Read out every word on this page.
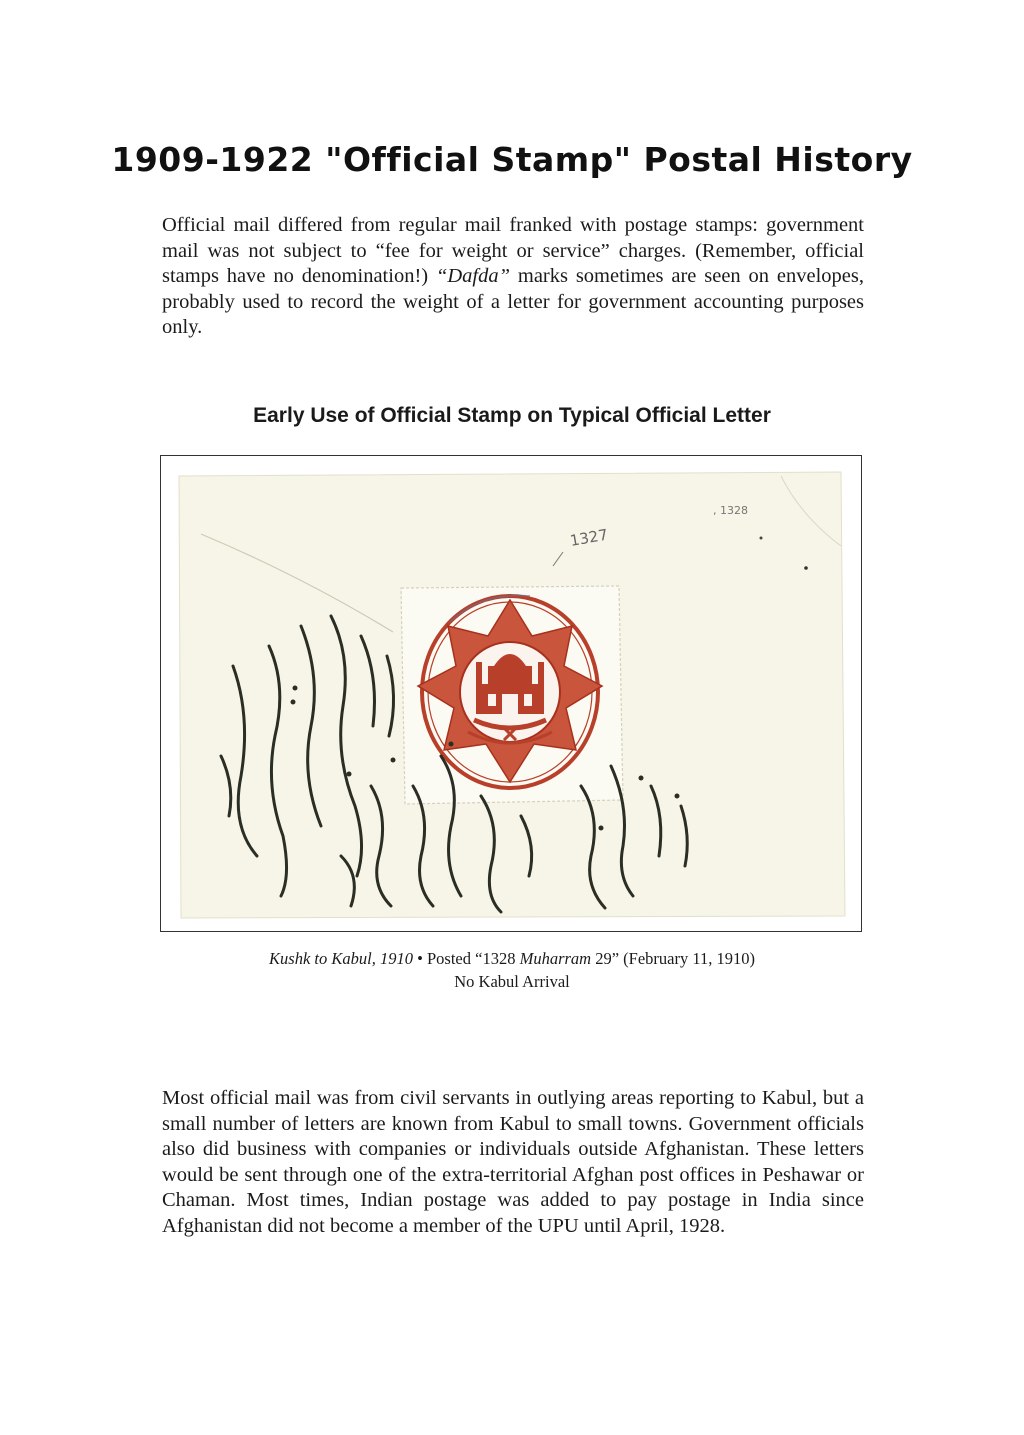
1909-1922 "Official Stamp" Postal History
Official mail differed from regular mail franked with postage stamps: government mail was not subject to “fee for weight or service” charges. (Remember, official stamps have no denomination!) “Dafda” marks sometimes are seen on envelopes, probably used to record the weight of a letter for government accounting purposes only.
Early Use of Official Stamp on Typical Official Letter
1327
, 1328
Kushk to Kabul, 1910 • Posted “1328 Muharram 29” (February 11, 1910)
No Kabul Arrival
Most official mail was from civil servants in outlying areas reporting to Kabul, but a small number of letters are known from Kabul to small towns. Government officials also did business with companies or individuals outside Afghanistan. These letters would be sent through one of the extra-territorial Afghan post offices in Peshawar or Chaman. Most times, Indian postage was added to pay postage in India since Afghanistan did not become a member of the UPU until April, 1928.
